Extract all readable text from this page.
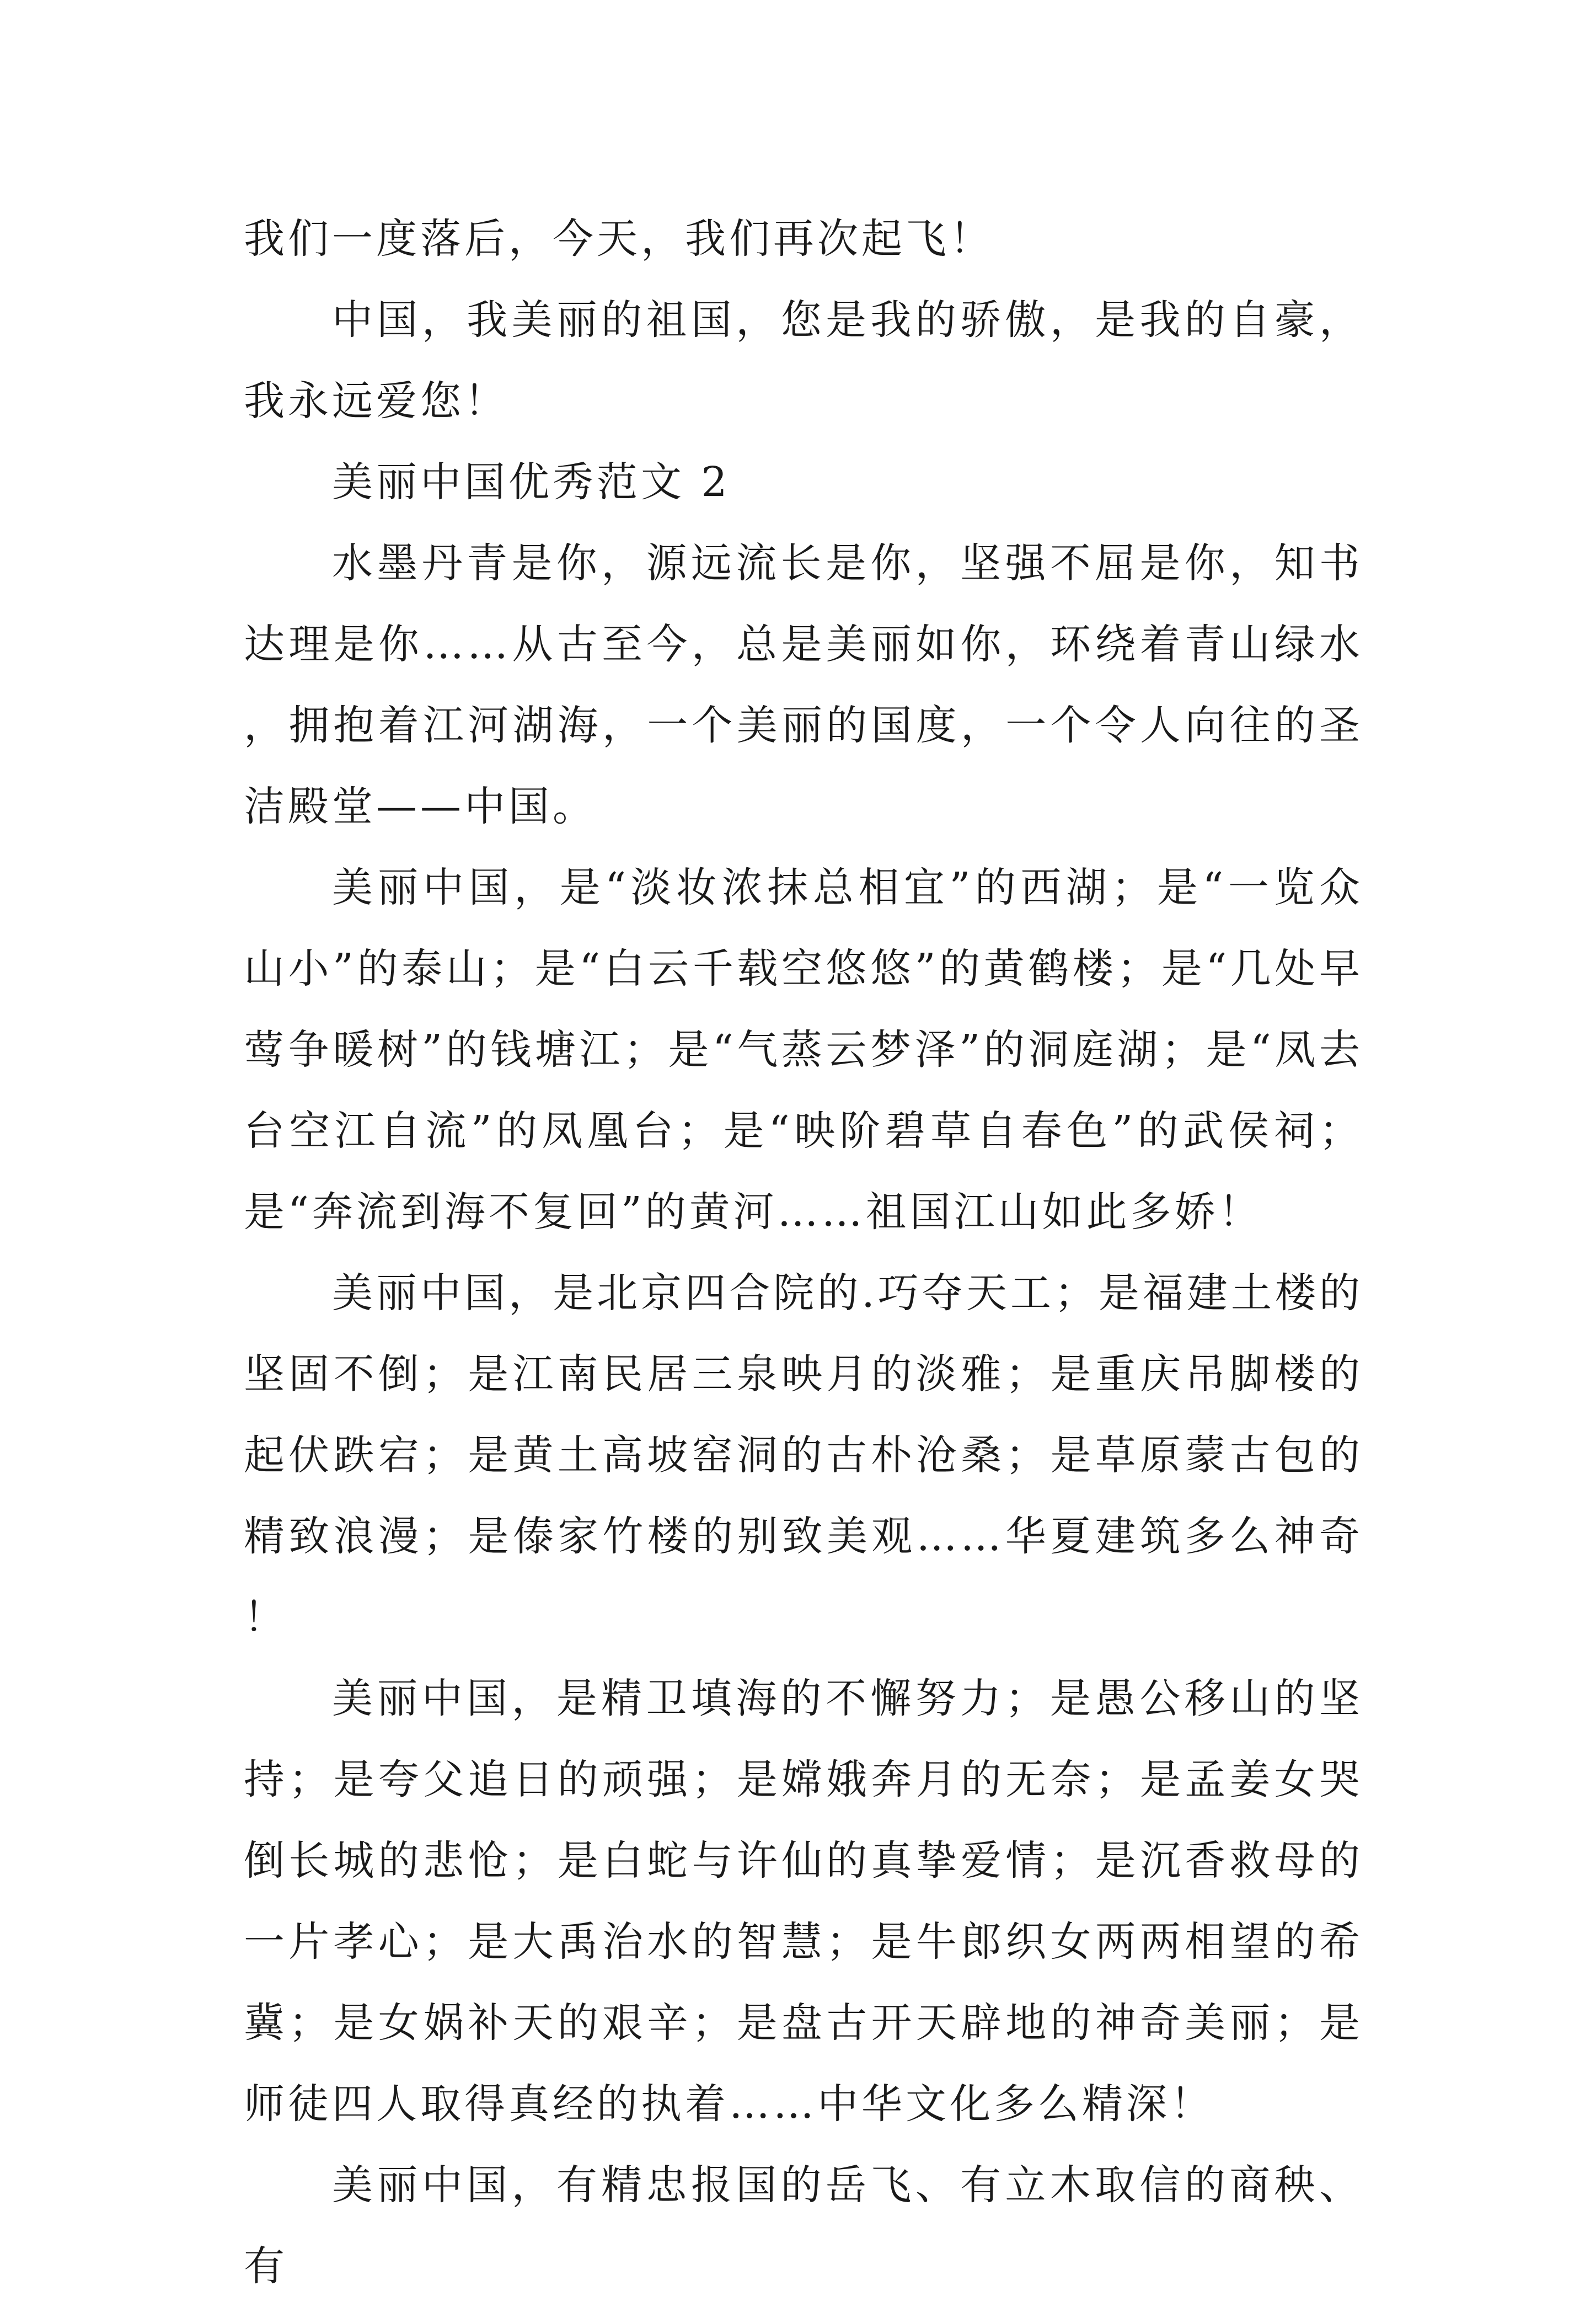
我们一度落后，今天，我们再次起飞！

中国，我美丽的祖国，您是我的骄傲，是我的自豪，我永远爱您！

美丽中国优秀范文 2

水墨丹青是你，源远流长是你，坚强不屈是你，知书达理是你……从古至今，总是美丽如你，环绕着青山绿水，拥抱着江河湖海，一个美丽的国度，一个令人向往的圣洁殿堂——中国。

美丽中国，是“淡妆浓抹总相宜”的西湖；是“一览众山小”的泰山；是“白云千载空悠悠”的黄鹤楼；是“几处早莺争暖树”的钱塘江；是“气蒸云梦泽”的洞庭湖；是“凤去台空江自流”的凤凰台；是“映阶碧草自春色”的武侯祠；是“奔流到海不复回”的黄河……祖国江山如此多娇！

美丽中国，是北京四合院的.巧夺天工；是福建土楼的坚固不倒；是江南民居三泉映月的淡雅；是重庆吊脚楼的起伏跌宕；是黄土高坡窑洞的古朴沧桑；是草原蒙古包的精致浪漫；是傣家竹楼的别致美观……华夏建筑多么神奇！

美丽中国，是精卫填海的不懈努力；是愚公移山的坚持；是夸父追日的顽强；是嫦娥奔月的无奈；是孟姜女哭倒长城的悲怆；是白蛇与许仙的真挚爱情；是沉香救母的一片孝心；是大禹治水的智慧；是牛郎织女两两相望的希冀；是女娲补天的艰辛；是盘古开天辟地的神奇美丽；是师徒四人取得真经的执着……中华文化多么精深！

美丽中国，有精忠报国的岳飞、有立木取信的商秧、有
